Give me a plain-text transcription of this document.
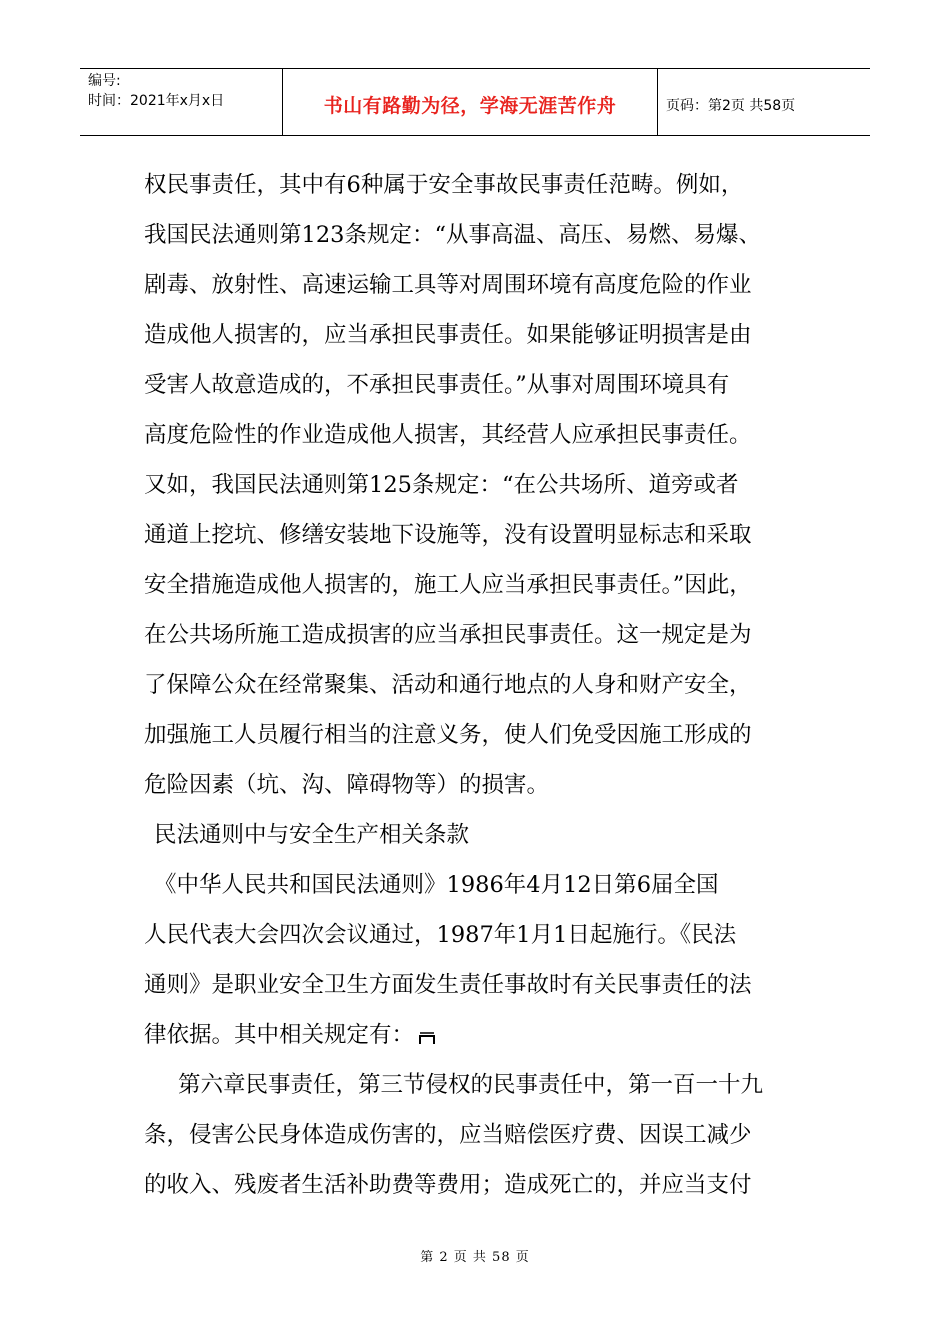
编号:
时间：2021年x月x日	书山有路勤为径，学海无涯苦作舟	页码：第2页 共58页

权民事责任，其中有6种属于安全事故民事责任范畴。例如，

我国民法通则第123条规定：“从事高温、高压、易燃、易爆、

剧毒、放射性、高速运输工具等对周围环境有高度危险的作业

造成他人损害的，应当承担民事责任。如果能够证明损害是由

受害人故意造成的，不承担民事责任。”从事对周围环境具有

高度危险性的作业造成他人损害，其经营人应承担民事责任。

又如，我国民法通则第125条规定：“在公共场所、道旁或者

通道上挖坑、修缮安装地下设施等，没有设置明显标志和采取

安全措施造成他人损害的，施工人应当承担民事责任。”因此，

在公共场所施工造成损害的应当承担民事责任。这一规定是为

了保障公众在经常聚集、活动和通行地点的人身和财产安全，

加强施工人员履行相当的注意义务，使人们免受因施工形成的

危险因素（坑、沟、障碍物等）的损害。

民法通则中与安全生产相关条款

《中华人民共和国民法通则》1986年4月12日第6届全国

人民代表大会四次会议通过，1987年1月1日起施行。《民法

通则》是职业安全卫生方面发生责任事故时有关民事责任的法

律依据。其中相关规定有：

第六章民事责任，第三节侵权的民事责任中，第一百一十九

条，侵害公民身体造成伤害的，应当赔偿医疗费、因误工减少

的收入、残废者生活补助费等费用；造成死亡的，并应当支付

第 2 页 共 58 页
